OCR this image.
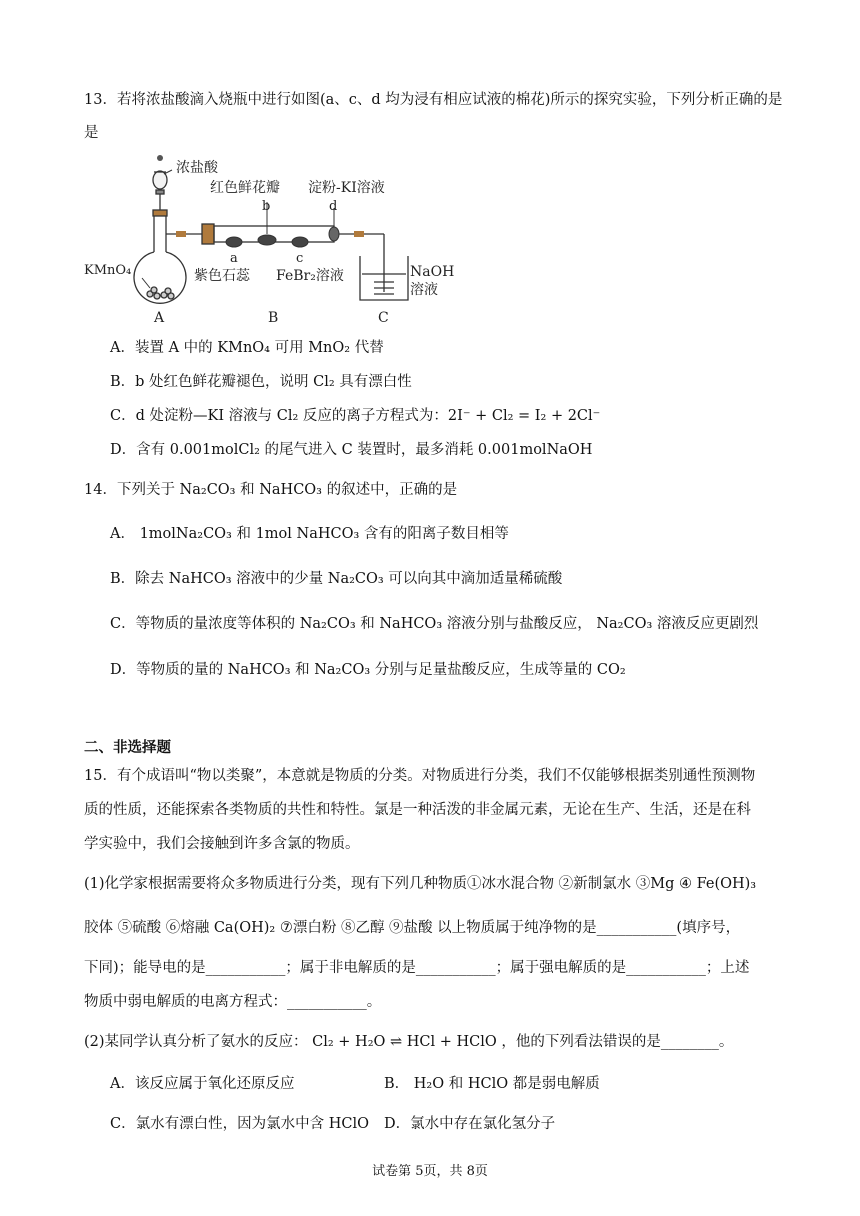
13．若将浓盐酸滴入烧瓶中进行如图(a、c、d 均为浸有相应试液的棉花)所示的探究实验，下列分析正确的是
是
浓盐酸
红色鲜花瓣 淀粉-KI溶液
b	d
a	c
KMnO₄	紫色石蕊 FeBr₂溶液	NaOH
溶液
A	B	C
A．装置 A 中的 KMnO₄ 可用 MnO₂ 代替
B．b 处红色鲜花瓣褪色，说明 Cl₂ 具有漂白性
C．d 处淀粉—KI 溶液与 Cl₂ 反应的离子方程式为：2I⁻ + Cl₂ = I₂ + 2Cl⁻
D．含有 0.001molCl₂ 的尾气进入 C 装置时，最多消耗 0.001molNaOH
14．下列关于 Na₂CO₃ 和 NaHCO₃ 的叙述中，正确的是
A． 1molNa₂CO₃ 和 1mol NaHCO₃ 含有的阳离子数目相等
B．除去 NaHCO₃ 溶液中的少量 Na₂CO₃ 可以向其中滴加适量稀硫酸
C．等物质的量浓度等体积的 Na₂CO₃ 和 NaHCO₃ 溶液分别与盐酸反应， Na₂CO₃ 溶液反应更剧烈
D．等物质的量的 NaHCO₃ 和 Na₂CO₃ 分别与足量盐酸反应，生成等量的 CO₂
二、非选择题
15．有个成语叫“物以类聚”，本意就是物质的分类。对物质进行分类，我们不仅能够根据类别通性预测物
质的性质，还能探索各类物质的共性和特性。氯是一种活泼的非金属元素，无论在生产、生活，还是在科
学实验中，我们会接触到许多含氯的物质。
(1)化学家根据需要将众多物质进行分类，现有下列几种物质①冰水混合物 ②新制氯水 ③Mg ④ Fe(OH)₃
胶体 ⑤硫酸 ⑥熔融 Ca(OH)₂ ⑦漂白粉 ⑧乙醇 ⑨盐酸 以上物质属于纯净物的是___________(填序号，
下同)；能导电的是___________；属于非电解质的是___________；属于强电解质的是___________；上述
物质中弱电解质的电离方程式：___________。
(2)某同学认真分析了氨水的反应： Cl₂ + H₂O ⇌ HCl + HClO ，他的下列看法错误的是________。
A．该反应属于氧化还原反应	B． H₂O 和 HClO 都是弱电解质
C．氯水有漂白性，因为氯水中含 HClO D．氯水中存在氯化氢分子
试卷第 5页，共 8页
